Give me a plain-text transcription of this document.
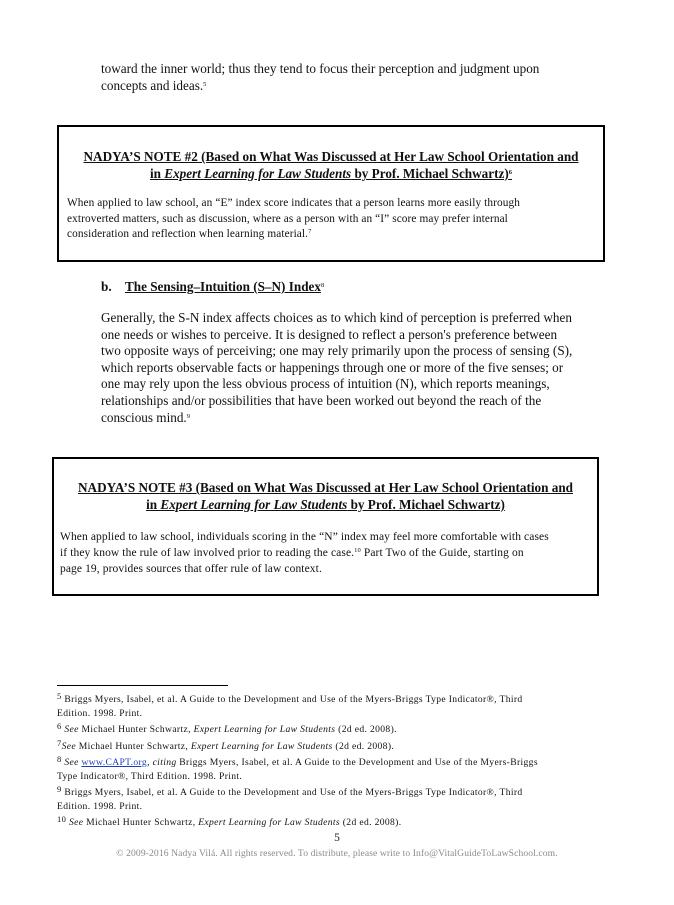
toward the inner world; thus they tend to focus their perception and judgment upon
concepts and ideas.$^5$
NADYA’S NOTE #2 (Based on What Was Discussed at Her Law School Orientation and
in Expert Learning for Law Students by Prof. Michael Schwartz)$^6$
When applied to law school, an “E” index score indicates that a person learns more easily through
extroverted matters, such as discussion, where as a person with an “I” score may prefer internal
consideration and reflection when learning material.$^7$
b. The Sensing–Intuition (S–N) Index$^8$
Generally, the S-N index affects choices as to which kind of perception is preferred when
one needs or wishes to perceive. It is designed to reflect a person's preference between
two opposite ways of perceiving; one may rely primarily upon the process of sensing (S),
which reports observable facts or happenings through one or more of the five senses; or
one may rely upon the less obvious process of intuition (N), which reports meanings,
relationships and/or possibilities that have been worked out beyond the reach of the
conscious mind.$^9$
NADYA’S NOTE #3 (Based on What Was Discussed at Her Law School Orientation and
in Expert Learning for Law Students by Prof. Michael Schwartz)
When applied to law school, individuals scoring in the “N” index may feel more comfortable with cases
if they know the rule of law involved prior to reading the case.$^{10}$ Part Two of the Guide, starting on
page 19, provides sources that offer rule of law context.
5 Briggs Myers, Isabel, et al. A Guide to the Development and Use of the Myers-Briggs Type Indicator®, Third
Edition. 1998. Print.
6 See Michael Hunter Schwartz, Expert Learning for Law Students (2d ed. 2008).
7See Michael Hunter Schwartz, Expert Learning for Law Students (2d ed. 2008).
8 See www.CAPT.org, citing Briggs Myers, Isabel, et al. A Guide to the Development and Use of the Myers-Briggs
Type Indicator®, Third Edition. 1998. Print.
9 Briggs Myers, Isabel, et al. A Guide to the Development and Use of the Myers-Briggs Type Indicator®, Third
Edition. 1998. Print.
10 See Michael Hunter Schwartz, Expert Learning for Law Students (2d ed. 2008).
5
© 2009-2016 Nadya Vilá. All rights reserved. To distribute, please write to Info@VitalGuideToLawSchool.com.
